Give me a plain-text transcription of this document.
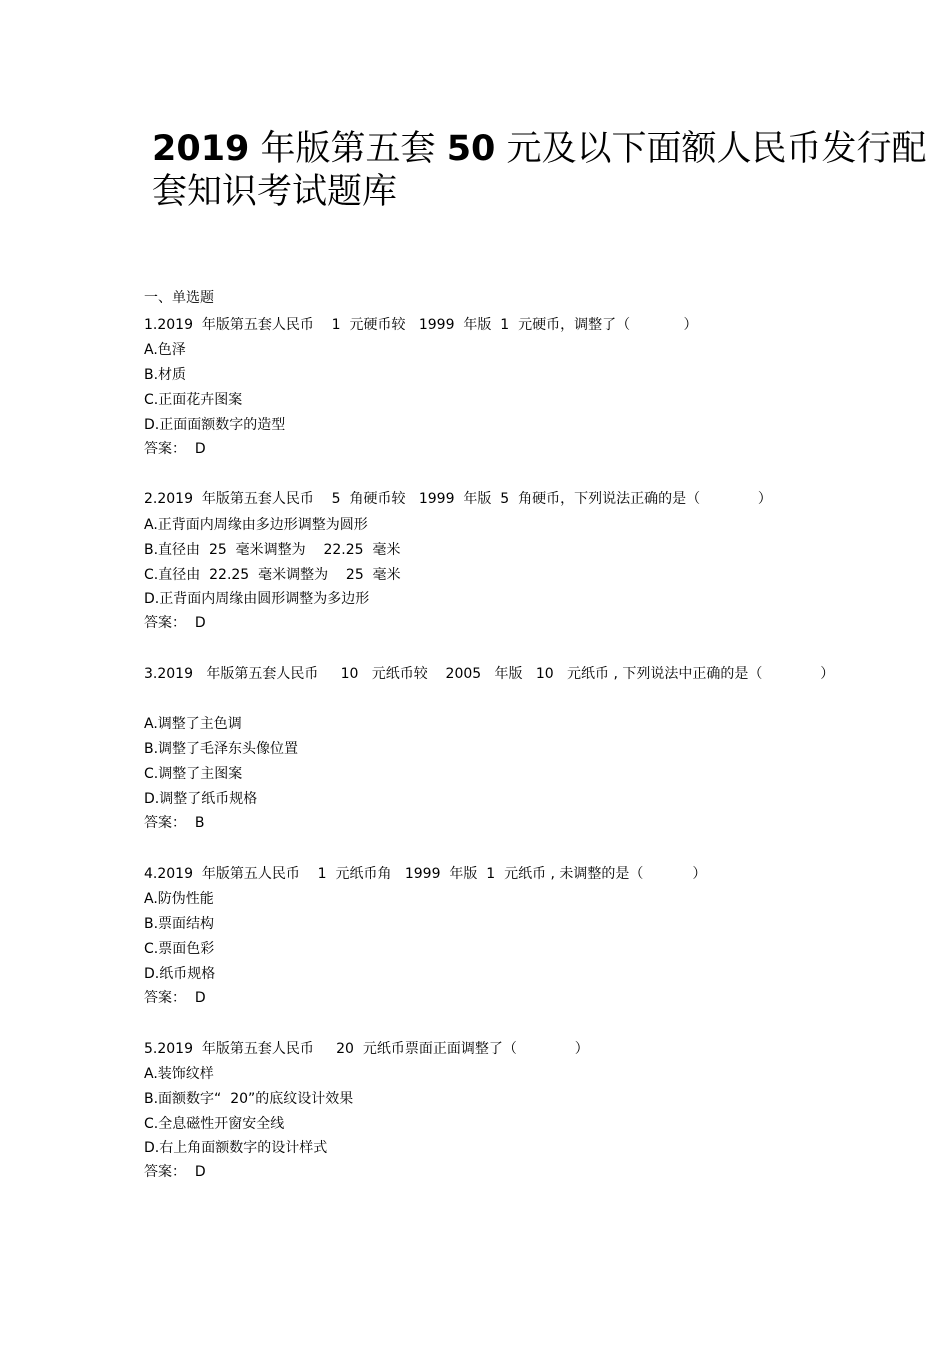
2019 年版第五套 50 元及以下面额人民币发行配套知识考试题库
一、单选题
1.2019  年版第五套人民币    1  元硬币较   1999  年版  1  元硬币，调整了（            ）
A.色泽
B.材质
C.正面花卉图案
D.正面面额数字的造型
答案：  D
2.2019  年版第五套人民币    5  角硬币较   1999  年版  5  角硬币，下列说法正确的是（             ）
A.正背面内周缘由多边形调整为圆形
B.直径由  25  毫米调整为    22.25  毫米
C.直径由  22.25  毫米调整为    25  毫米
D.正背面内周缘由圆形调整为多边形
答案：  D
3.2019   年版第五套人民币     10   元纸币较    2005   年版   10   元纸币 , 下列说法中正确的是（             ）
A.调整了主色调
B.调整了毛泽东头像位置
C.调整了主图案
D.调整了纸币规格
答案：  B
4.2019  年版第五人民币    1  元纸币角   1999  年版  1  元纸币 , 未调整的是（           ）
A.防伪性能
B.票面结构
C.票面色彩
D.纸币规格
答案：  D
5.2019  年版第五套人民币     20  元纸币票面正面调整了（             ）
A.装饰纹样
B.面额数字“  20”的底纹设计效果
C.全息磁性开窗安全线
D.右上角面额数字的设计样式
答案：  D
